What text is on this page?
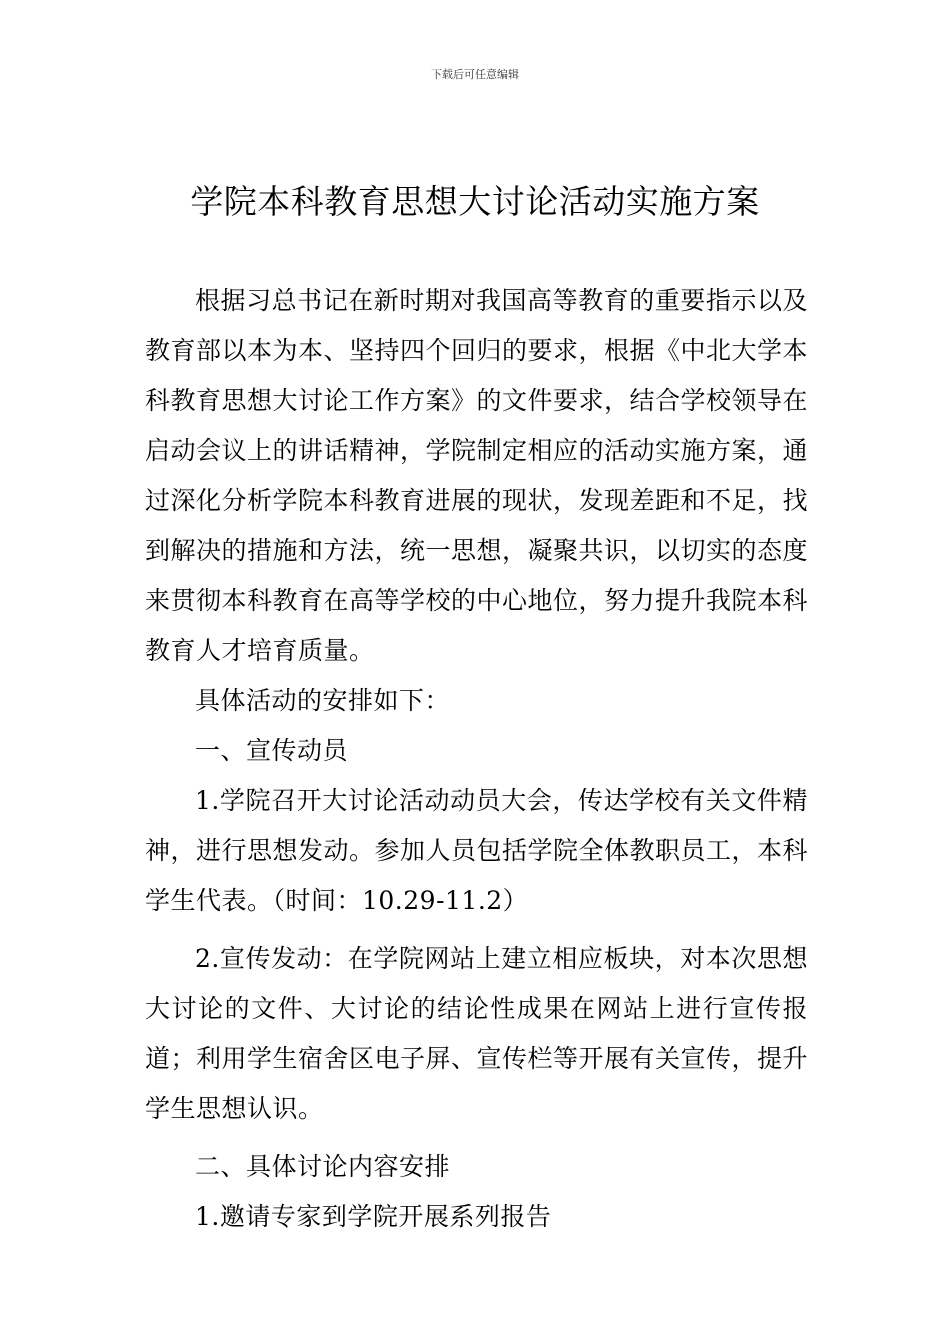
下载后可任意编辑
学院本科教育思想大讨论活动实施方案

根据习总书记在新时期对我国高等教育的重要指示以及教育部以本为本、坚持四个回归的要求，根据《中北大学本科教育思想大讨论工作方案》的文件要求，结合学校领导在启动会议上的讲话精神，学院制定相应的活动实施方案，通过深化分析学院本科教育进展的现状，发现差距和不足，找到解决的措施和方法，统一思想，凝聚共识，以切实的态度来贯彻本科教育在高等学校的中心地位，努力提升我院本科教育人才培育质量。

具体活动的安排如下：

一、宣传动员

1.学院召开大讨论活动动员大会，传达学校有关文件精神，进行思想发动。参加人员包括学院全体教职员工，本科学生代表。（时间：10.29-11.2）

2.宣传发动：在学院网站上建立相应板块，对本次思想大讨论的文件、大讨论的结论性成果在网站上进行宣传报道；利用学生宿舍区电子屏、宣传栏等开展有关宣传，提升学生思想认识。

二、具体讨论内容安排

1.邀请专家到学院开展系列报告
